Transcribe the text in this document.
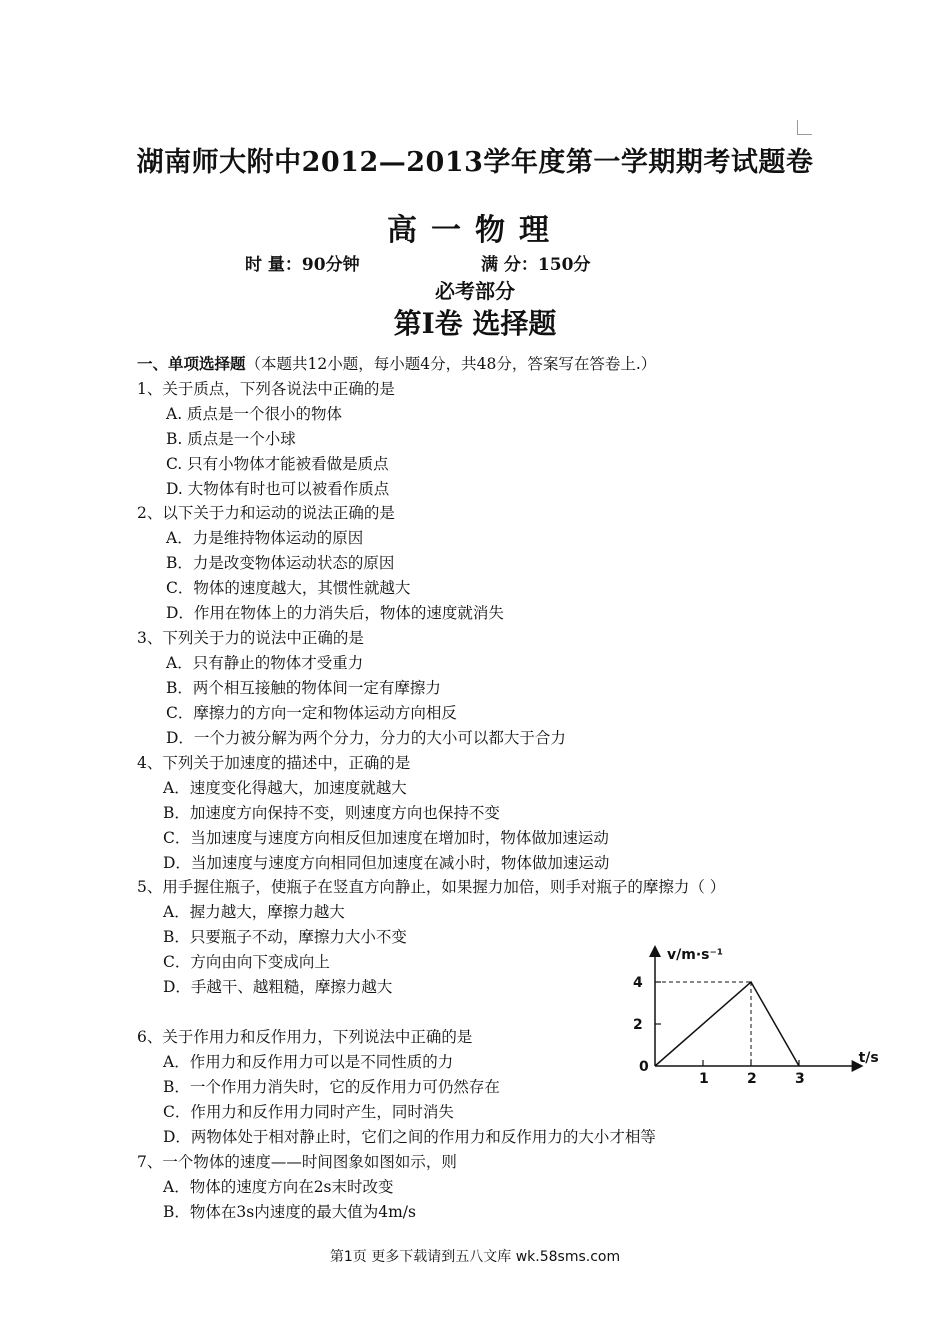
湖南师大附中2012—2013学年度第一学期期考试题卷
高一物理
时 量：90分钟	满 分：150分
必考部分
第Ⅰ卷 选择题
一、单项选择题（本题共12小题，每小题4分，共48分，答案写在答卷上.）
1、关于质点，下列各说法中正确的是
A. 质点是一个很小的物体
B. 质点是一个小球
C. 只有小物体才能被看做是质点
D. 大物体有时也可以被看作质点
2、以下关于力和运动的说法正确的是
A．力是维持物体运动的原因
B．力是改变物体运动状态的原因
C．物体的速度越大，其惯性就越大
D．作用在物体上的力消失后，物体的速度就消失
3、下列关于力的说法中正确的是
A．只有静止的物体才受重力
B．两个相互接触的物体间一定有摩擦力
C．摩擦力的方向一定和物体运动方向相反
D．一个力被分解为两个分力，分力的大小可以都大于合力
4、下列关于加速度的描述中，正确的是
A．速度变化得越大，加速度就越大
B．加速度方向保持不变，则速度方向也保持不变
C．当加速度与速度方向相反但加速度在增加时，物体做加速运动
D．当加速度与速度方向相同但加速度在减小时，物体做加速运动
5、用手握住瓶子，使瓶子在竖直方向静止，如果握力加倍，则手对瓶子的摩擦力（ ）
A．握力越大，摩擦力越大
B．只要瓶子不动，摩擦力大小不变
C．方向由向下变成向上
D．手越干、越粗糙，摩擦力越大
6、关于作用力和反作用力，下列说法中正确的是
A．作用力和反作用力可以是不同性质的力
B．一个作用力消失时，它的反作用力可仍然存在
C．作用力和反作用力同时产生，同时消失
D．两物体处于相对静止时，它们之间的作用力和反作用力的大小才相等
7、一个物体的速度——时间图象如图如示，则
A．物体的速度方向在2s末时改变
B．物体在3s内速度的最大值为4m/s
v/m·s⁻¹
t/s
0
1	2	3
2
4
第1页 更多下载请到五八文库 wk.58sms.com
